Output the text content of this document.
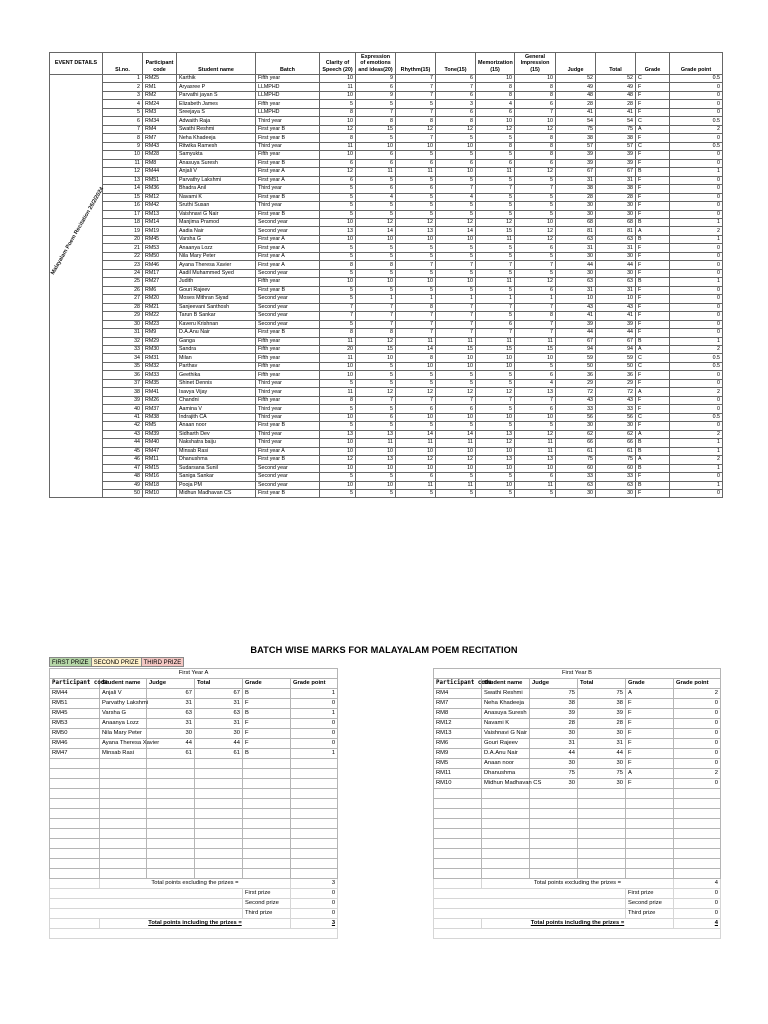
EVENT DETAILS	Sl.no.	Participant code	Student name	Batch	Clarity of Speech (20)	Expression of emotions and ideas(20)	Rhythm(15)	Tone(15)	Memorization (15)	General Impression (15)	Judge	Total	Grade	Grade point

Malayalam Poem Recitation 26/2/2024	1	RM25	Karthik	Fifth year	10	9	7	6	10	10	52	52	C	0.5
	2	RM1	Aryasree P	LLMPHD	11	6	7	7	8	8	49	49	F	0
	3	RM2	Parvathi jayan S	LLMPHD	10	9	7	6	8	8	48	48	F	0
	4	RM24	Elizabeth James	Fifth year	5	5	5	3	4	6	28	28	F	0
	5	RM3	Sreejaya S	LLMPHD	8	7	7	6	6	7	41	41	F	0
	6	RM34	Adwaith Raja	Third year	10	8	8	8	10	10	54	54	C	0.5
	7	RM4	Swathi Reshmi	First year B	12	15	12	12	12	12	75	75	A	2
	8	RM7	Neha Khadeeja	First year B	8	5	7	5	5	8	38	38	F	0
	9	RM43	Ritwika Ramesh	Third year	11	10	10	10	8	8	57	57	C	0.5
	10	RM28	Samyukta	Fifth year	10	6	5	5	5	8	39	39	F	0
	11	RM8	Anasuya Suresh	First year B	6	6	6	6	6	6	39	39	F	0
	12	RM44	Anjali V	First year A	12	11	11	10	11	12	67	67	B	1
	13	RM51	Parvathy Lakshmi	First year A	6	5	5	5	5	5	31	31	F	0
	14	RM36	Bhadra Anil	Third year	5	6	6	7	7	7	38	38	F	0
	15	RM12	Navami K	First year B	5	4	5	4	5	5	28	28	F	0
	16	RM42	Sruthi Susan	Third year	5	5	5	5	5	5	30	30	F	0
	17	RM13	Vaishnavi G Nair	First year B	5	5	5	5	5	5	30	30	F	0
	18	RM14	Manjima Pramod	Second year	10	12	12	12	12	10	68	68	B	1
	19	RM19	Aadia Nair	Second year	13	14	13	14	15	12	81	81	A	2
	20	RM45	Varsha G	First year A	10	10	10	10	11	12	63	63	B	1
	21	RM53	Anaanya Lozz	First year A	5	5	5	5	5	6	31	31	F	0
	22	RM50	Nila Mary Peter	First year A	5	5	5	5	5	5	30	30	F	0
	23	RM46	Ayana Theresa Xavier	First year A	8	8	7	7	7	7	44	44	F	0
	24	RM17	Aadil Muhammed Syed	Second year	5	5	5	5	5	5	30	30	F	0
	25	RM27	Judith	Fifth year	10	10	10	10	11	12	63	63	B	1
	26	RM6	Gouri Rajeev	First year B	5	5	5	5	5	6	31	31	F	0
	27	RM20	Moses Mithran Siyad	Second year	5	1	1	1	1	1	10	10	F	0
	28	RM21	Sanjeevani Santhosh	Second year	7	7	8	7	7	7	43	43	F	0
	29	RM22	Tarun B Sankar	Second year	7	7	7	7	5	8	41	41	F	0
	30	RM23	Kaveru Krishnan	Second year	5	7	7	7	6	7	39	39	F	0
	31	RM9	D.A.Anu Nair	First year B	8	8	7	7	7	7	44	44	F	0
	32	RM29	Ganga	Fifth year	11	12	11	11	11	11	67	67	B	1
	33	RM30	Sandra	Fifth year	20	15	14	15	15	15	94	94	A	2
	34	RM31	Milan	Fifth year	11	10	8	10	10	10	59	59	C	0.5
	35	RM32	Parthav	Fifth year	10	5	10	10	10	5	50	50	C	0.5
	36	RM33	Geethika	Fifth year	10	5	5	5	5	6	36	36	F	0
	37	RM35	Shinet Dennis	Third year	5	5	5	5	5	4	29	29	F	0
	38	RM41	Isavya Vijay	Third year	11	12	12	12	12	13	72	72	A	2
	39	RM26	Chandni	Fifth year	8	7	7	7	7	7	43	43	F	0
	40	RM37	Aamina V	Third year	5	5	6	6	5	6	33	33	F	0
	41	RM38	Indrajith CA	Third year	10	6	10	10	10	10	56	56	C	0.5
	42	RM5	Anaan noor	First year B	5	5	5	5	5	5	30	30	F	0
	43	RM39	Sidharth Dev	Third year	13	13	14	14	13	12	62	62	A	2
	44	RM40	Nakshatra baiju	Third year	10	11	11	11	12	11	66	66	B	1
	45	RM47	Minsab Rasi	First year A	10	10	10	10	10	11	61	61	B	1
	46	RM11	Dhanushma	First year B	12	13	12	12	13	13	75	75	A	2
	47	RM15	Sudarsana Sunil	Second year	10	10	10	10	10	10	60	60	B	1
	48	RM16	Saniga Sankar	Second year	5	5	6	5	5	6	33	33	F	0
	49	RM18	Pooja PM	Second year	10	10	11	11	10	11	63	63	B	1
	50	RM10	Midhun Madhavan CS	First year B	5	5	5	5	5	5	30	30	F	0
BATCH WISE MARKS FOR MALAYALAM POEM RECITATION
FIRST PRIZE SECOND PRIZE THIRD PRIZE
First Year A					
Participant code	Student name	Judge	Total	Grade	Grade point
RM44	Anjali V	67	67	B	1
RM51	Parvathy Lakshmi	31	31	F	0
RM45	Varsha G	63	63	B	1
RM53	Anaanya Lozz	31	31	F	0
RM50	Nila Mary Peter	30	30	F	0
RM46	Ayana Theresa Xavier	44	44	F	0
RM47	Minsab Rasi	61	61	B	1

	Total points excluding the prizes =				3
				First prize	0
				Second prize	0
				Third prize	0
	Total points including the prizes =				3

First Year B					
Participant code	Student name	Judge	Total	Grade	Grade point
RM4	Swathi Reshmi	75	75	A	2
RM7	Neha Khadeeja	38	38	F	0
RM8	Anasuya Suresh	39	39	F	0
RM12	Navami K	28	28	F	0
RM13	Vaishnavi G Nair	30	30	F	0
RM6	Gouri Rajeev	31	31	F	0
RM9	D.A.Anu Nair	44	44	F	0
RM5	Anaan noor	30	30	F	0
RM11	Dhanushma	75	75	A	2
RM10	Midhun Madhavan CS	30	30	F	0

	Total points excluding the prizes =				4
				First prize	0
				Second prize	0
				Third prize	0
	Total points including the prizes =				4
